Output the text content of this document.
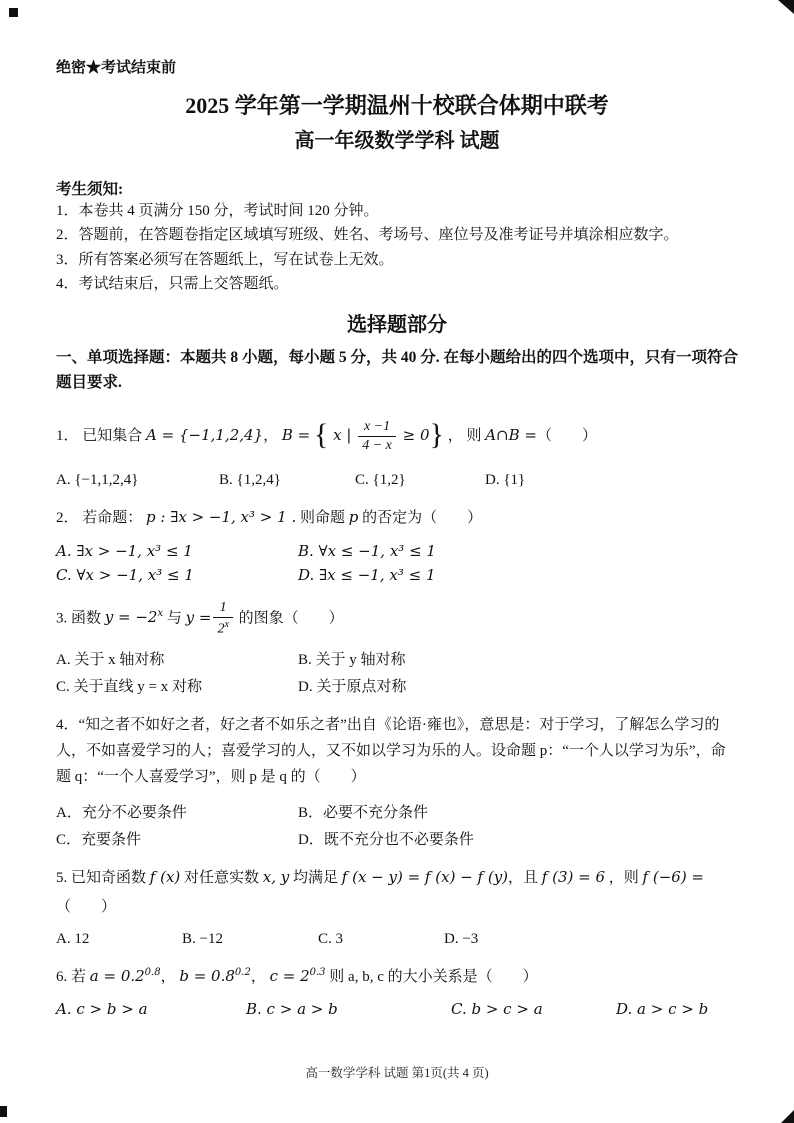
绝密★考试结束前
2025 学年第一学期温州十校联合体期中联考
高一年级数学学科 试题
考生须知:
1．本卷共 4 页满分 150 分，考试时间 120 分钟。
2．答题前，在答题卷指定区域填写班级、姓名、考场号、座位号及准考证号并填涂相应数字。
3．所有答案必须写在答题纸上，写在试卷上无效。
4．考试结束后，只需上交答题纸。
选择题部分
一、单项选择题：本题共 8 小题，每小题 5 分，共 40 分. 在每小题给出的四个选项中，只有一项符合题目要求.
1． 已知集合 A = {−1,1,2,4}， B = { x | $\frac{x -1}{4 - x} \ge 0$} ， 则 A∩B =（　　）
A. {−1,1,2,4}	B. {1,2,4}	C. {1,2}	D. {1}
2． 若命题： p : ∃x > −1, x³ > 1 . 则命题 p 的否定为（　　）
A. ∃x > −1, x³ ≤ 1	B. ∀x ≤ −1, x³ ≤ 1
C. ∀x > −1, x³ ≤ 1	D. ∃x ≤ −1, x³ ≤ 1
3. 函数 $y = -2^x$ 与 $y = \frac{1}{2^x}$ 的图象（　　）
A. 关于 x 轴对称	B. 关于 y 轴对称
C. 关于直线 y = x 对称	D. 关于原点对称
4．“知之者不如好之者，好之者不如乐之者”出自《论语·雍也》，意思是：对于学习，了解怎么学习的人，不如喜爱学习的人；喜爱学习的人，又不如以学习为乐的人。设命题 p：“一个人以学习为乐”，命题 q：“一个人喜爱学习”，则 p 是 q 的（　　）
A．充分不必要条件	B．必要不充分条件
C．充要条件	D．既不充分也不必要条件
5. 已知奇函数 f (x) 对任意实数 x, y 均满足 f (x − y) = f (x) − f (y)，且 f (3) = 6 ，则 f (−6) =
（　　）
A. 12	B. −12	C. 3	D. −3
6. 若 $a = 0.2^{0.8}$， $b = 0.8^{0.2}$， $c = 2^{0.3}$ 则 a, b, c 的大小关系是（　　）
A. c > b > a	B. c > a > b	C. b > c > a	D. a > c > b
高一数学学科 试题 第1页(共 4 页)
